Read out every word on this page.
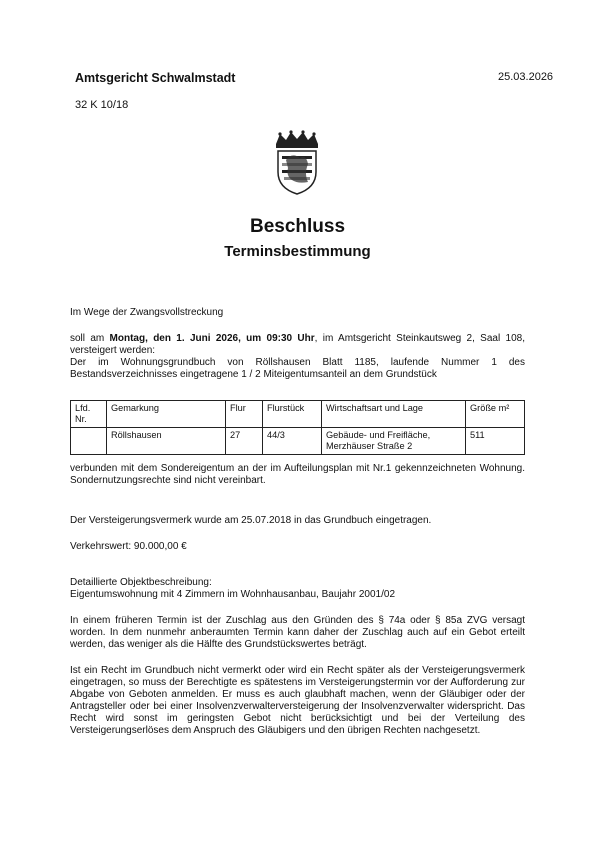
Amtsgericht Schwalmstadt	25.03.2026
32 K 10/18
Beschluss
Terminsbestimmung
Im Wege der Zwangsvollstreckung
soll am Montag, den 1. Juni 2026, um 09:30 Uhr, im Amtsgericht Steinkautsweg 2, Saal 108, versteigert werden:
Der im Wohnungsgrundbuch von Röllshausen Blatt 1185, laufende Nummer 1 des Bestandsverzeichnisses eingetragene 1 / 2 Miteigentumsanteil an dem Grundstück
Lfd. Nr.	Gemarkung	Flur	Flurstück	Wirtschaftsart und Lage	Größe m²
	Röllshausen	27	44/3	Gebäude- und Freifläche, Merzhäuser Straße 2	511
verbunden mit dem Sondereigentum an der im Aufteilungsplan mit Nr.1 gekennzeichneten Wohnung. Sondernutzungsrechte sind nicht vereinbart.
Der Versteigerungsvermerk wurde am 25.07.2018 in das Grundbuch eingetragen.
Verkehrswert: 90.000,00 €
Detaillierte Objektbeschreibung:
Eigentumswohnung mit 4 Zimmern im Wohnhausanbau, Baujahr 2001/02
In einem früheren Termin ist der Zuschlag aus den Gründen des § 74a oder § 85a ZVG versagt worden. In dem nunmehr anberaumten Termin kann daher der Zuschlag auch auf ein Gebot erteilt werden, das weniger als die Hälfte des Grundstückswertes beträgt.
Ist ein Recht im Grundbuch nicht vermerkt oder wird ein Recht später als der Versteigerungsvermerk eingetragen, so muss der Berechtigte es spätestens im Versteigerungstermin vor der Aufforderung zur Abgabe von Geboten anmelden. Er muss es auch glaubhaft machen, wenn der Gläubiger oder der Antragsteller oder bei einer Insolvenzverwalterversteigerung der Insolvenzverwalter widerspricht. Das Recht wird sonst im geringsten Gebot nicht berücksichtigt und bei der Verteilung des Versteigerungserlöses dem Anspruch des Gläubigers und den übrigen Rechten nachgesetzt.
